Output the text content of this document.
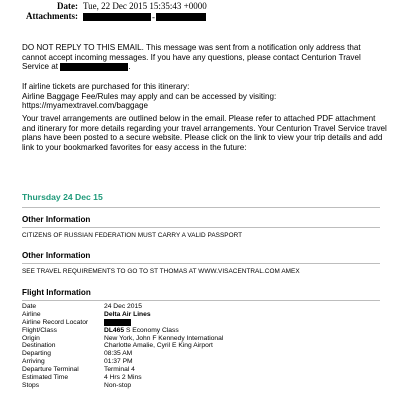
Date: Tue, 22 Dec 2015 15:35:43 +0000
Attachments:	-
DO NOT REPLY TO THIS EMAIL. This message was sent from a notification only address that
cannot accept incoming messages. If you have any questions, please contact Centurion Travel
Service at	.
If airline tickets are purchased for this itinerary:
Airline Baggage Fee/Rules may apply and can be accessed by visiting:
https://myamextravel.com/baggage
Your travel arrangements are outlined below in the email. Please refer to attached PDF attachment
and itinerary for more details regarding your travel arrangements. Your Centurion Travel Service travel
plans have been posted to a secure website. Please click on the link to view your trip details and add
link to your bookmarked favorites for easy access in the future:
Thursday 24 Dec 15
Other Information
CITIZENS OF RUSSIAN FEDERATION MUST CARRY A VALID PASSPORT
Other Information
SEE TRAVEL REQUIREMENTS TO GO TO ST THOMAS AT WWW.VISACENTRAL.COM AMEX
Flight Information
Date	24 Dec 2015
Airline	Delta Air Lines
Airline Record Locator
Flight/Class	DL465 S Economy Class
Origin	New York, John F Kennedy International
Destination	Charlotte Amalie, Cyril E King Airport
Departing	08:35 AM
Arriving	01:37 PM
Departure Terminal	Terminal 4
Estimated Time	4 Hrs 2 Mins
Stops	Non-stop
